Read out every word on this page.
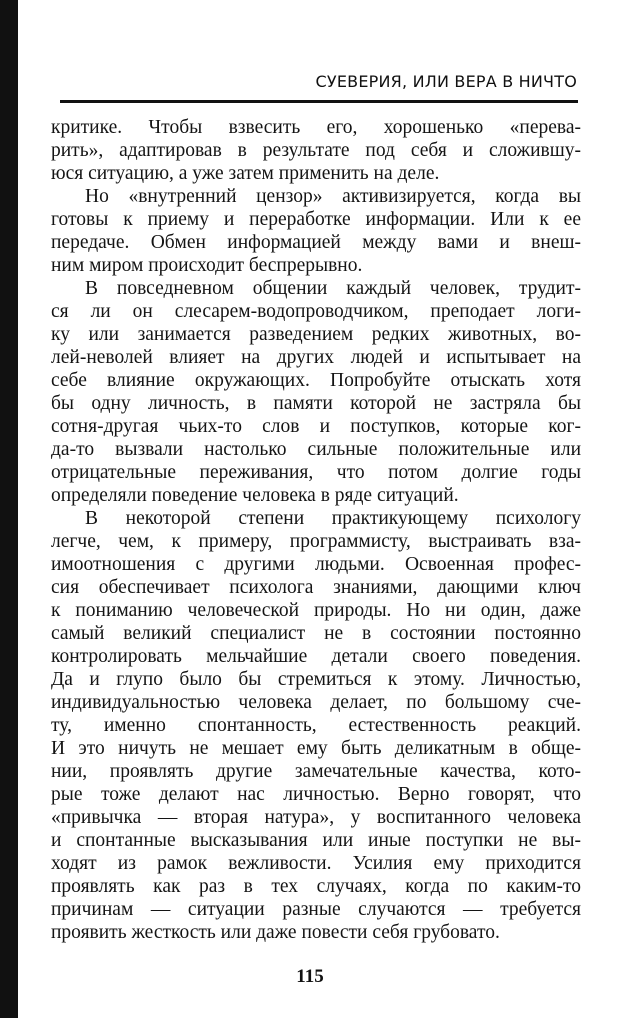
СУЕВЕРИЯ, ИЛИ ВЕРА В НИЧТО
критике. Чтобы взвесить его, хорошенько «перева-
рить», адаптировав в результате под себя и сложившу-
юся ситуацию, а уже затем применить на деле.
Но «внутренний цензор» активизируется, когда вы
готовы к приему и переработке информации. Или к ее
передаче. Обмен информацией между вами и внеш-
ним миром происходит беспрерывно.
В повседневном общении каждый человек, трудит-
ся ли он слесарем-водопроводчиком, преподает логи-
ку или занимается разведением редких животных, во-
лей-неволей влияет на других людей и испытывает на
себе влияние окружающих. Попробуйте отыскать хотя
бы одну личность, в памяти которой не застряла бы
сотня-другая чьих-то слов и поступков, которые ког-
да-то вызвали настолько сильные положительные или
отрицательные переживания, что потом долгие годы
определяли поведение человека в ряде ситуаций.
В некоторой степени практикующему психологу
легче, чем, к примеру, программисту, выстраивать вза-
имоотношения с другими людьми. Освоенная профес-
сия обеспечивает психолога знаниями, дающими ключ
к пониманию человеческой природы. Но ни один, даже
самый великий специалист не в состоянии постоянно
контролировать мельчайшие детали своего поведения.
Да и глупо было бы стремиться к этому. Личностью,
индивидуальностью человека делает, по большому сче-
ту, именно спонтанность, естественность реакций.
И это ничуть не мешает ему быть деликатным в обще-
нии, проявлять другие замечательные качества, кото-
рые тоже делают нас личностью. Верно говорят, что
«привычка — вторая натура», у воспитанного человека
и спонтанные высказывания или иные поступки не вы-
ходят из рамок вежливости. Усилия ему приходится
проявлять как раз в тех случаях, когда по каким-то
причинам — ситуации разные случаются — требуется
проявить жесткость или даже повести себя грубовато.
115
